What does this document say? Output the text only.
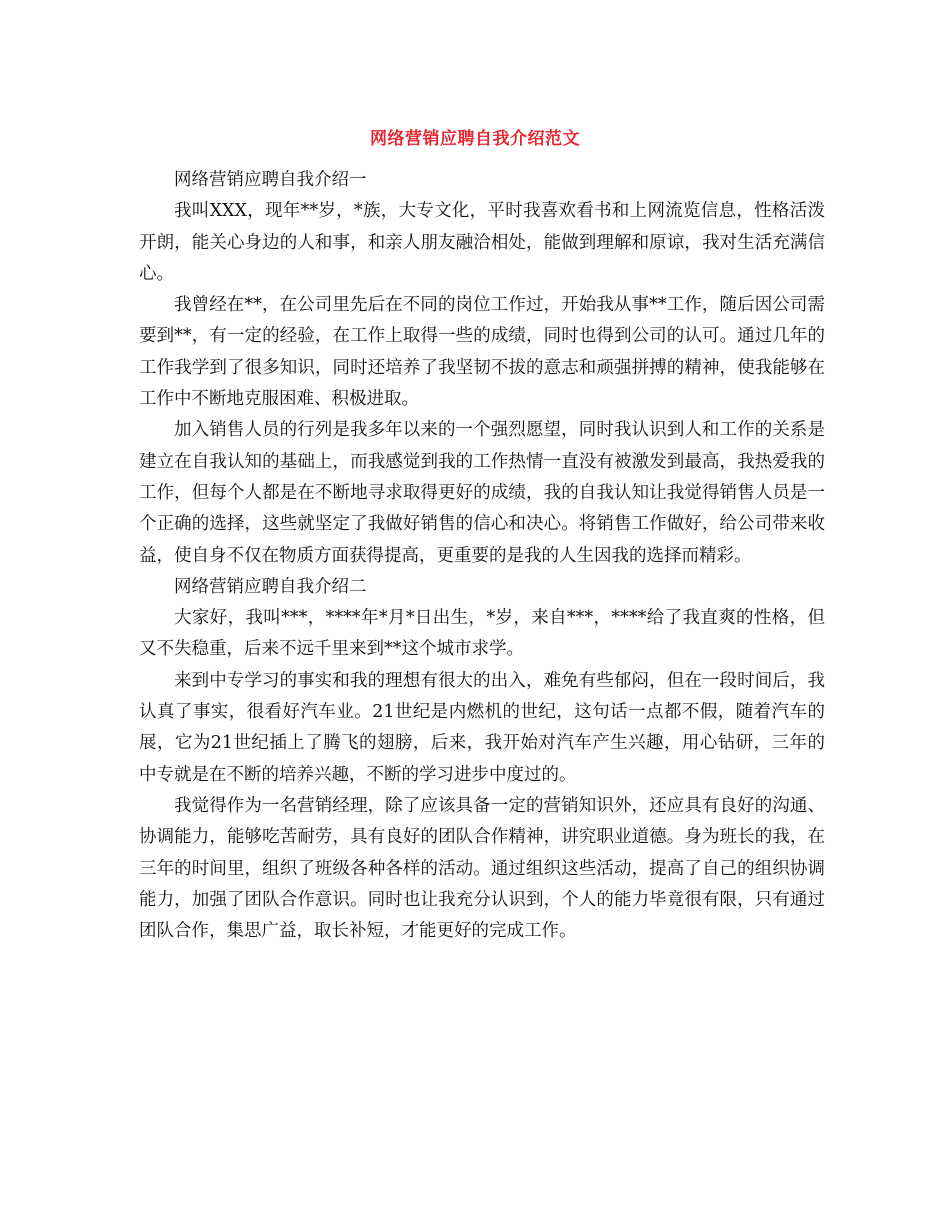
网络营销应聘自我介绍范文

网络营销应聘自我介绍一

我叫XXX，现年**岁，*族，大专文化，平时我喜欢看书和上网流览信息，性格活泼开朗，能关心身边的人和事，和亲人朋友融洽相处，能做到理解和原谅，我对生活充满信心。

我曾经在**，在公司里先后在不同的岗位工作过，开始我从事**工作，随后因公司需要到**，有一定的经验，在工作上取得一些的成绩，同时也得到公司的认可。通过几年的工作我学到了很多知识，同时还培养了我坚韧不拔的意志和顽强拼搏的精神，使我能够在工作中不断地克服困难、积极进取。

加入销售人员的行列是我多年以来的一个强烈愿望，同时我认识到人和工作的关系是建立在自我认知的基础上，而我感觉到我的工作热情一直没有被激发到最高，我热爱我的工作，但每个人都是在不断地寻求取得更好的成绩，我的自我认知让我觉得销售人员是一个正确的选择，这些就坚定了我做好销售的信心和决心。将销售工作做好，给公司带来收益，使自身不仅在物质方面获得提高，更重要的是我的人生因我的选择而精彩。

网络营销应聘自我介绍二

大家好，我叫***，****年*月*日出生，*岁，来自***，****给了我直爽的性格，但又不失稳重，后来不远千里来到**这个城市求学。

来到中专学习的事实和我的理想有很大的出入，难免有些郁闷，但在一段时间后，我认真了事实，很看好汽车业。21世纪是内燃机的世纪，这句话一点都不假，随着汽车的展，它为21世纪插上了腾飞的翅膀，后来，我开始对汽车产生兴趣，用心钻研，三年的中专就是在不断的培养兴趣，不断的学习进步中度过的。

我觉得作为一名营销经理，除了应该具备一定的营销知识外，还应具有良好的沟通、协调能力，能够吃苦耐劳，具有良好的团队合作精神，讲究职业道德。身为班长的我，在三年的时间里，组织了班级各种各样的活动。通过组织这些活动，提高了自己的组织协调能力，加强了团队合作意识。同时也让我充分认识到，个人的能力毕竟很有限，只有通过团队合作，集思广益，取长补短，才能更好的完成工作。
